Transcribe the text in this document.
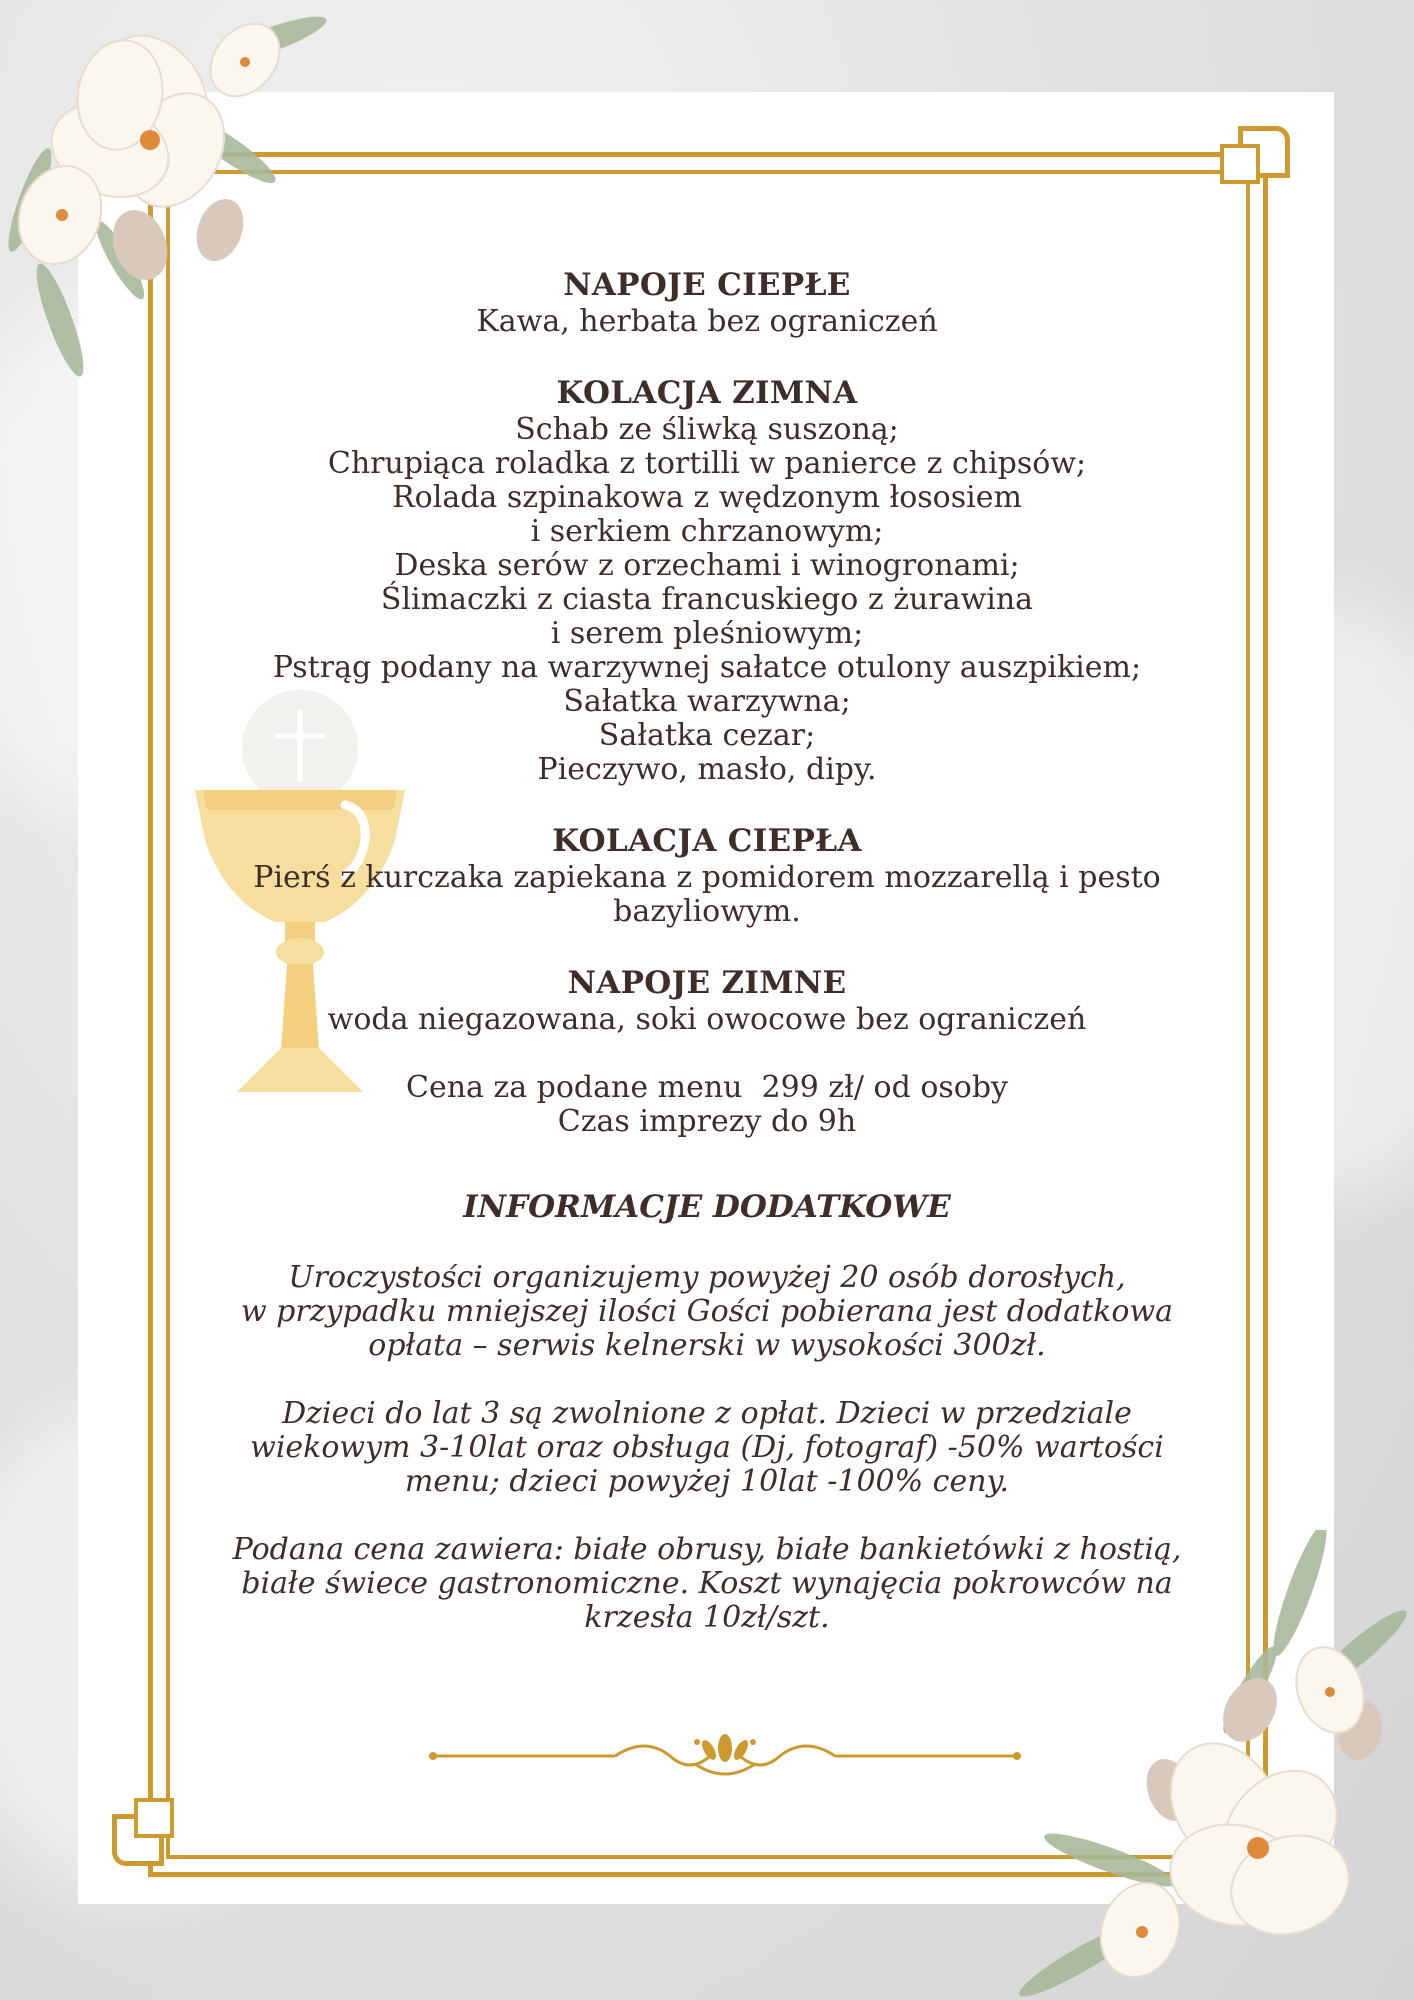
NAPOJE CIEPŁE

Kawa, herbata bez ograniczeń

KOLACJA ZIMNA

Schab ze śliwką suszoną;

Chrupiąca roladka z tortilli w panierce z chipsów;

Rolada szpinakowa z wędzonym łososiem

i serkiem chrzanowym;

Deska serów z orzechami i winogronami;

Ślimaczki z ciasta francuskiego z żurawina

i serem pleśniowym;

Pstrąg podany na warzywnej sałatce otulony auszpikiem;

Sałatka warzywna;

Sałatka cezar;

Pieczywo, masło, dipy.

KOLACJA CIEPŁA

Pierś z kurczaka zapiekana z pomidorem mozzarellą i pesto

bazyliowym.

NAPOJE ZIMNE

woda niegazowana, soki owocowe bez ograniczeń

Cena za podane menu  299 zł/ od osoby

Czas imprezy do 9h

INFORMACJE DODATKOWE

Uroczystości organizujemy powyżej 20 osób dorosłych,

w przypadku mniejszej ilości Gości pobierana jest dodatkowa

opłata – serwis kelnerski w wysokości 300zł.

Dzieci do lat 3 są zwolnione z opłat. Dzieci w przedziale

wiekowym 3-10lat oraz obsługa (Dj, fotograf) -50% wartości

menu; dzieci powyżej 10lat -100% ceny.

Podana cena zawiera: białe obrusy, białe bankietówki z hostią,

białe świece gastronomiczne. Koszt wynajęcia pokrowców na

krzesła 10zł/szt.
